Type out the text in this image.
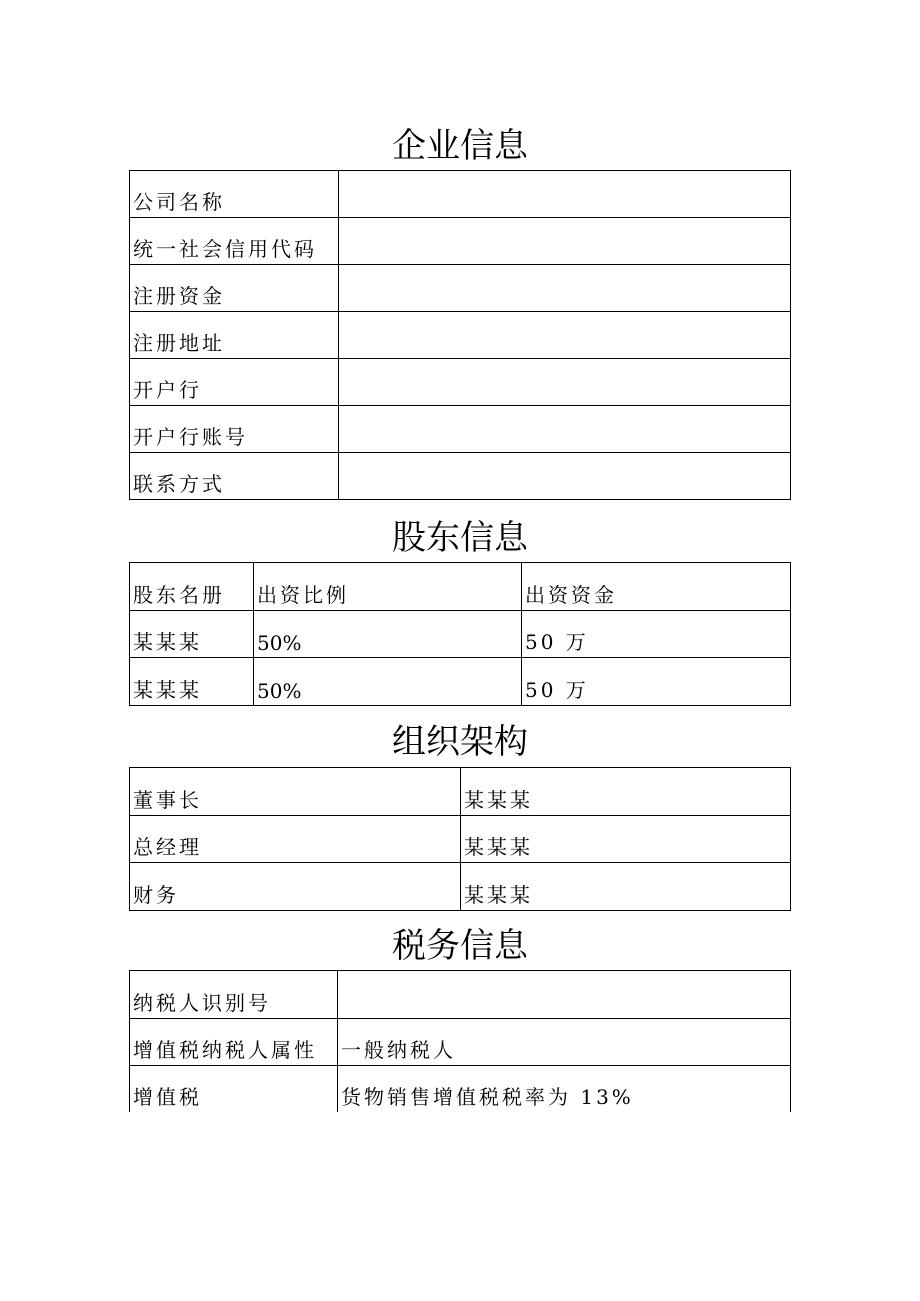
企业信息
公司名称	
统一社会信用代码	
注册资金	
注册地址	
开户行	
开户行账号	
联系方式	
股东信息
股东名册	出资比例	出资资金
某某某	50%	50 万
某某某	50%	50 万
组织架构
董事长	某某某
总经理	某某某
财务	某某某
税务信息
纳税人识别号	
增值税纳税人属性	一般纳税人
增值税	货物销售增值税税率为 13%
